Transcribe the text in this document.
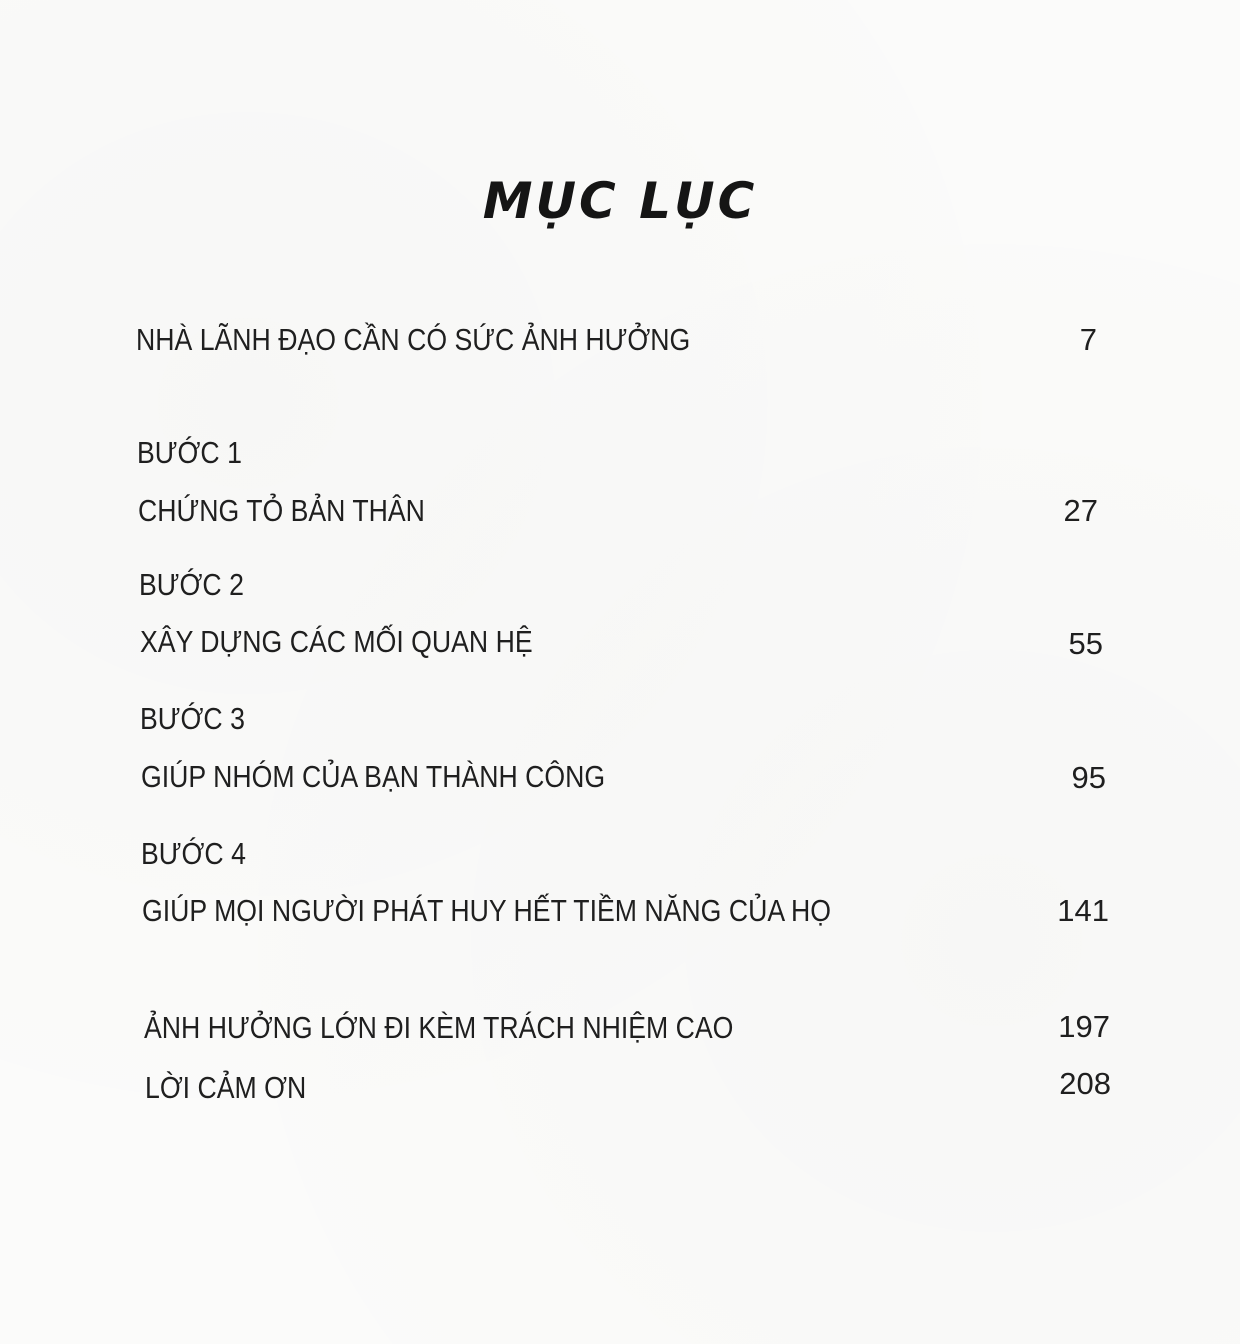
MỤC LỤC
NHÀ LÃNH ĐẠO CẦN CÓ SỨC ẢNH HƯỞNG	7
BƯỚC 1
CHỨNG TỎ BẢN THÂN	27
BƯỚC 2
XÂY DỰNG CÁC MỐI QUAN HỆ	55
BƯỚC 3
GIÚP NHÓM CỦA BẠN THÀNH CÔNG	95
BƯỚC 4
GIÚP MỌI NGƯỜI PHÁT HUY HẾT TIỀM NĂNG CỦA HỌ	141
ẢNH HƯỞNG LỚN ĐI KÈM TRÁCH NHIỆM CAO	197
LỜI CẢM ƠN	208
